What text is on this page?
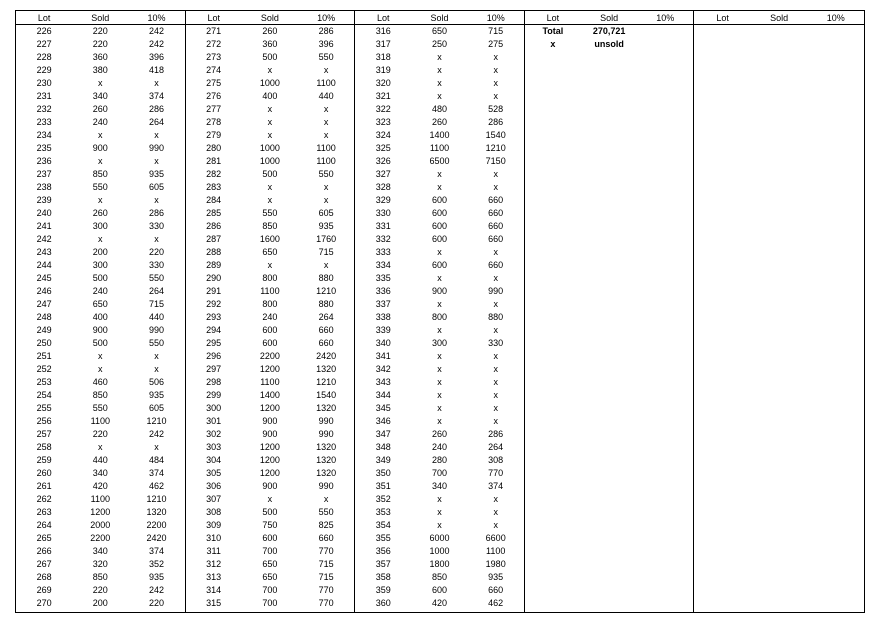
Lot	Sold	10%
226	220	242
227	220	242
228	360	396
229	380	418
230	x	x
231	340	374
232	260	286
233	240	264
234	x	x
235	900	990
236	x	x
237	850	935
238	550	605
239	x	x
240	260	286
241	300	330
242	x	x
243	200	220
244	300	330
245	500	550
246	240	264
247	650	715
248	400	440
249	900	990
250	500	550
251	x	x
252	x	x
253	460	506
254	850	935
255	550	605
256	1100	1210
257	220	242
258	x	x
259	440	484
260	340	374
261	420	462
262	1100	1210
263	1200	1320
264	2000	2200
265	2200	2420
266	340	374
267	320	352
268	850	935
269	220	242
270	200	220
Lot	Sold	10%
271	260	286
272	360	396
273	500	550
274	x	x
275	1000	1100
276	400	440
277	x	x
278	x	x
279	x	x
280	1000	1100
281	1000	1100
282	500	550
283	x	x
284	x	x
285	550	605
286	850	935
287	1600	1760
288	650	715
289	x	x
290	800	880
291	1100	1210
292	800	880
293	240	264
294	600	660
295	600	660
296	2200	2420
297	1200	1320
298	1100	1210
299	1400	1540
300	1200	1320
301	900	990
302	900	990
303	1200	1320
304	1200	1320
305	1200	1320
306	900	990
307	x	x
308	500	550
309	750	825
310	600	660
311	700	770
312	650	715
313	650	715
314	700	770
315	700	770
Lot	Sold	10%
316	650	715
317	250	275
318	x	x
319	x	x
320	x	x
321	x	x
322	480	528
323	260	286
324	1400	1540
325	1100	1210
326	6500	7150
327	x	x
328	x	x
329	600	660
330	600	660
331	600	660
332	600	660
333	x	x
334	600	660
335	x	x
336	900	990
337	x	x
338	800	880
339	x	x
340	300	330
341	x	x
342	x	x
343	x	x
344	x	x
345	x	x
346	x	x
347	260	286
348	240	264
349	280	308
350	700	770
351	340	374
352	x	x
353	x	x
354	x	x
355	6000	6600
356	1000	1100
357	1800	1980
358	850	935
359	600	660
360	420	462
Lot	Sold	10%
Total	270,721
x	unsold
Lot	Sold	10%
